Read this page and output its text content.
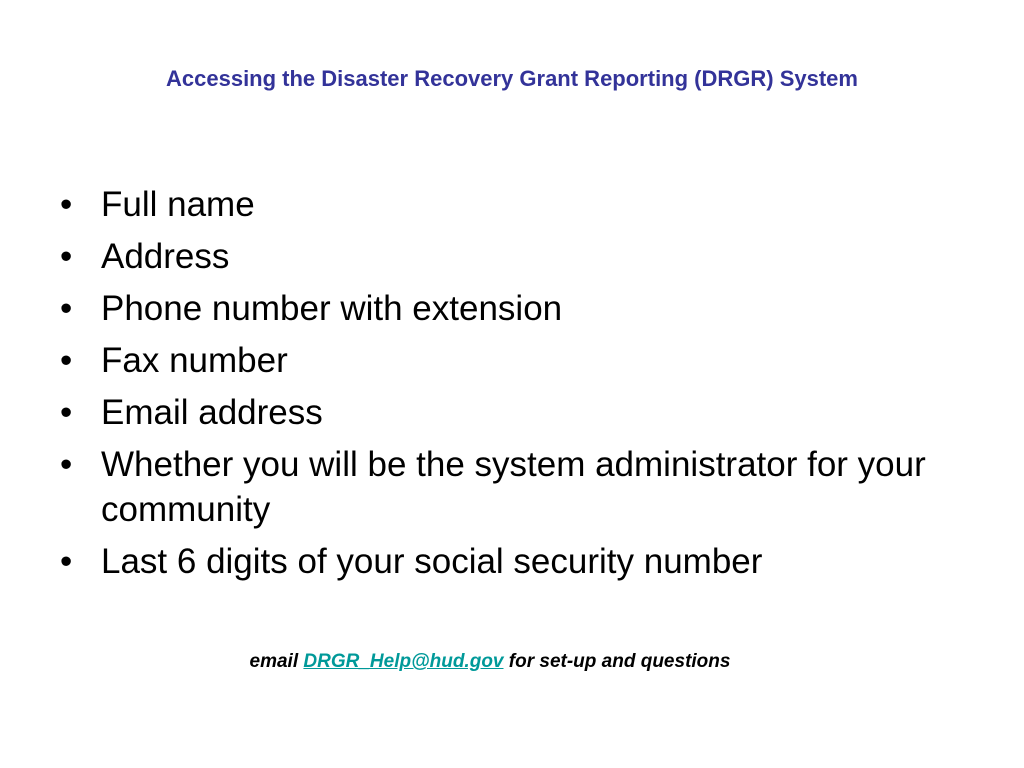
Accessing the Disaster Recovery Grant Reporting (DRGR) System
• Full name
• Address
• Phone number with extension
• Fax number
• Email address
• Whether you will be the system administrator for your community
• Last 6 digits of your social security number
email DRGR_Help@hud.gov for set-up and questions
